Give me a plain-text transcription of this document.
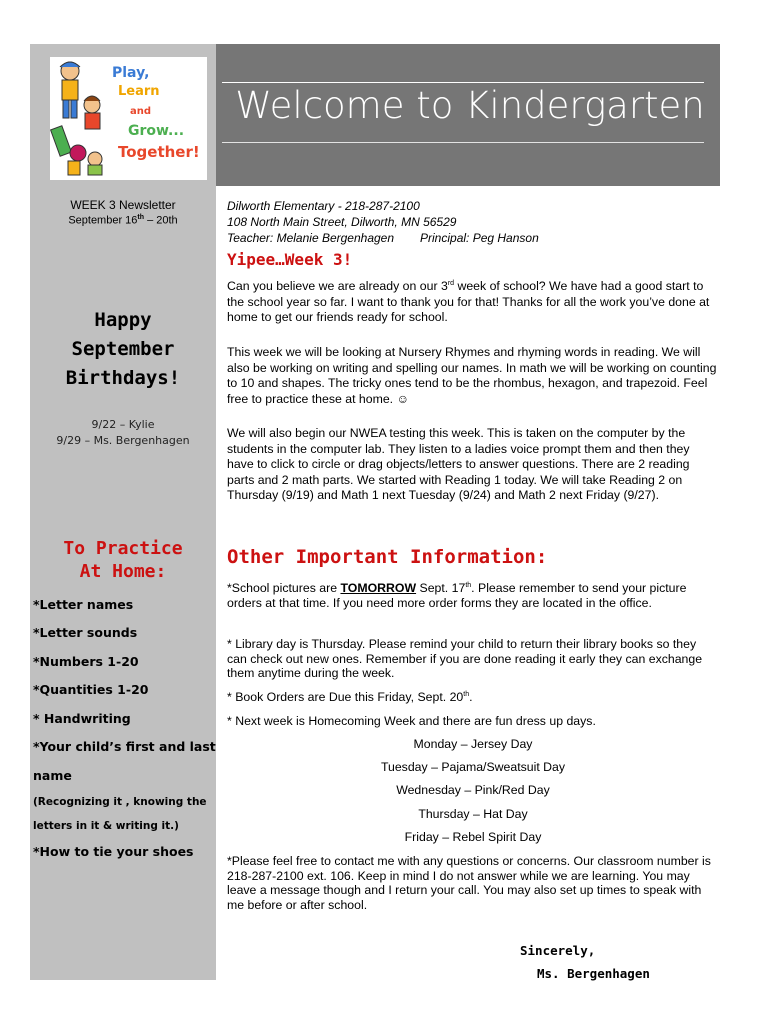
Play,
Learn
and
Grow...
Together!
WEEK 3 Newsletter
September 16th – 20th
Happy
September
Birthdays!
9/22 – Kylie
9/29 – Ms. Bergenhagen
To Practice
At Home:
*Letter names
*Letter sounds
*Numbers 1-20
*Quantities 1-20
* Handwriting
*Your child’s first and last
name
(Recognizing it , knowing the
letters in it & writing it.)
*How to tie your shoes
Welcome to Kindergarten
Dilworth Elementary - 218-287-2100
108 North Main Street, Dilworth, MN 56529
Teacher: Melanie Bergenhagen Principal: Peg Hanson
Yipee…Week 3!
Can you believe we are already on our 3rd week of school? We have had a good start to the school year so far. I want to thank you for that! Thanks for all the work you’ve done at home to get our friends ready for school.
This week we will be looking at Nursery Rhymes and rhyming words in reading. We will also be working on writing and spelling our names. In math we will be working on counting to 10 and shapes. The tricky ones tend to be the rhombus, hexagon, and trapezoid. Feel free to practice these at home. ☺
We will also begin our NWEA testing this week. This is taken on the computer by the students in the computer lab. They listen to a ladies voice prompt them and then they have to click to circle or drag objects/letters to answer questions. There are 2 reading parts and 2 math parts. We started with Reading 1 today. We will take Reading 2 on Thursday (9/19) and Math 1 next Tuesday (9/24) and Math 2 next Friday (9/27).
Other Important Information:
*School pictures are TOMORROW Sept. 17th. Please remember to send your picture orders at that time. If you need more order forms they are located in the office.
* Library day is Thursday. Please remind your child to return their library books so they can check out new ones. Remember if you are done reading it early they can exchange them anytime during the week.
* Book Orders are Due this Friday, Sept. 20th.
* Next week is Homecoming Week and there are fun dress up days.
Monday – Jersey Day
Tuesday – Pajama/Sweatsuit Day
Wednesday – Pink/Red Day
Thursday – Hat Day
Friday – Rebel Spirit Day
*Please feel free to contact me with any questions or concerns. Our classroom number is 218-287-2100 ext. 106. Keep in mind I do not answer while we are learning. You may leave a message though and I return your call. You may also set up times to speak with me before or after school.
Sincerely,
Ms. Bergenhagen
